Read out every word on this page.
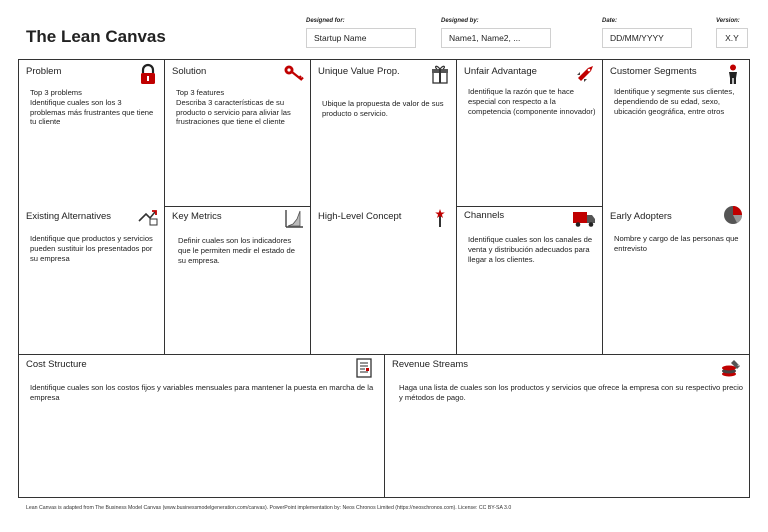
The Lean Canvas
Designed for:
Startup Name
Designed by:
Name1, Name2, ...
Date:
DD/MM/YYYY
Version:
X.Y
Problem
Top 3 problems
Identifique cuales son los 3 problemas más frustrantes que tiene tu cliente
Solution
Top 3 features
Describa 3 características de su producto o servicio para aliviar las frustraciones que tiene el cliente
Unique Value Prop.
Ubique la propuesta de valor de sus producto o servicio.
Unfair Advantage
Identifique la razón que te hace especial con respecto a la competencia (componente innovador)
Customer Segments
Identifique y segmente sus clientes, dependiendo de su edad, sexo, ubicación geográfica, entre otros
Existing Alternatives
Identifique que productos y servicios pueden sustituir los presentados por su empresa
Key Metrics
Definir cuales son los indicadores que le permiten medir el estado de su empresa.
High-Level Concept	Channels
Identifique cuales son los canales de venta y distribución adecuados para llegar a los clientes.
Early Adopters
Nombre y cargo de las personas que entrevisto
Cost Structure
Identifique cuales son los costos fijos y variables mensuales para mantener la puesta en marcha de la empresa
Revenue Streams	$
Haga una lista de cuales son los productos y servicios que ofrece la empresa con su respectivo precio y métodos de pago.
Lean Canvas is adapted from The Business Model Canvas (www.businessmodelgeneration.com/canvas). PowerPoint implementation by: Neos Chronos Limited (https://neoschronos.com). License: CC BY-SA 3.0
